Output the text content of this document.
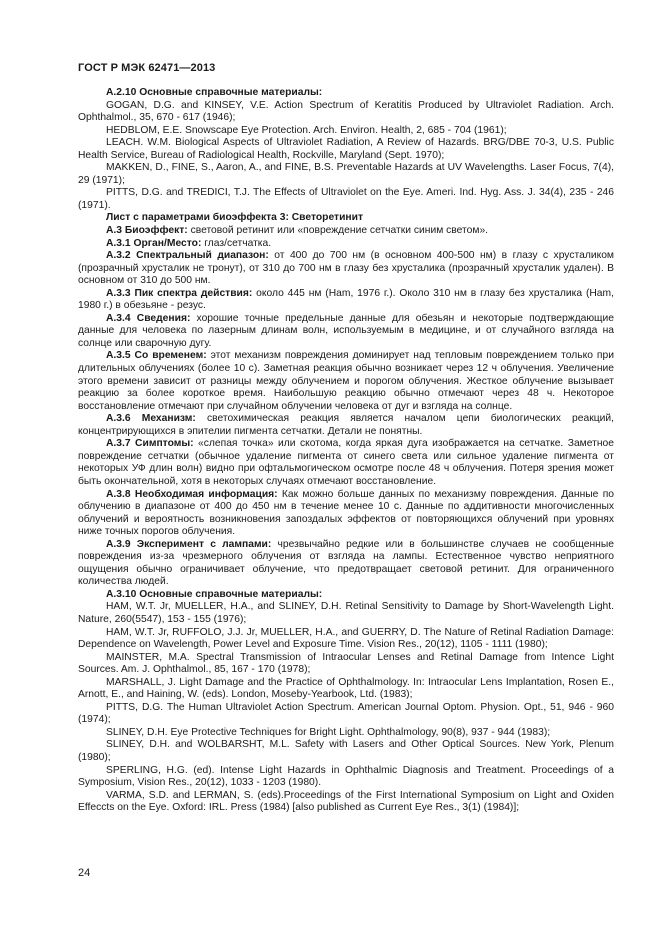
ГОСТ Р МЭК 62471—2013

A.2.10 Основные справочные материалы:

GOGAN, D.G. and KINSEY, V.E. Action Spectrum of Keratitis Produced by Ultraviolet Radiation. Arch. Ophthalmol., 35, 670 - 617 (1946);

HEDBLOM, E.E. Snowscape Eye Protection. Arch. Environ. Health, 2, 685 - 704 (1961);

LEACH. W.M. Biological Aspects of Ultraviolet Radiation, A Review of Hazards. BRG/DBE 70-3, U.S. Public Health Service, Bureau of Radiological Health, Rockville, Maryland (Sept. 1970);

MAKKEN, D., FINE, S., Aaron, A., and FINE, B.S. Preventable Hazards at UV Wavelengths. Laser Focus, 7(4), 29 (1971);

PITTS, D.G. and TREDICI, T.J. The Effects of Ultraviolet on the Eye. Ameri. Ind. Hyg. Ass. J. 34(4), 235 - 246 (1971).

Лист с параметрами биоэффекта 3: Светоретинит

А.3 Биоэффект: световой ретинит или «повреждение сетчатки синим светом».

А.3.1 Орган/Место: глаз/сетчатка.

А.3.2 Спектральный диапазон: от 400 до 700 нм (в основном 400-500 нм) в глазу с хрусталиком (прозрачный хрусталик не тронут), от 310 до 700 нм в глазу без хрусталика (прозрачный хрусталик удален). В основном от 310 до 500 нм.

А.3.3 Пик спектра действия: около 445 нм (Ham, 1976 г.). Около 310 нм в глазу без хрусталика (Ham, 1980 г.) в обезьяне - резус.

А.3.4 Сведения: хорошие точные предельные данные для обезьян и некоторые подтверждающие данные для человека по лазерным длинам волн, используемым в медицине, и от случайного взгляда на солнце или сварочную дугу.

А.3.5 Со временем: этот механизм повреждения доминирует над тепловым повреждением только при длительных облучениях (более 10 с). Заметная реакция обычно возникает через 12 ч облучения. Увеличение этого времени зависит от разницы между облучением и порогом облучения. Жесткое облучение вызывает реакцию за более короткое время. Наибольшую реакцию обычно отмечают через 48 ч. Некоторое восстановление отмечают при случайном облучении человека от дуг и взгляда на солнце.

А.3.6 Механизм: светохимическая реакция является началом цепи биологических реакций, концентрирующихся в эпителии пигмента сетчатки. Детали не понятны.

А.3.7 Симптомы: «слепая точка» или скотома, когда яркая дуга изображается на сетчатке. Заметное повреждение сетчатки (обычное удаление пигмента от синего света или сильное удаление пигмента от некоторых УФ длин волн) видно при офтальмогическом осмотре после 48 ч облучения. Потеря зрения может быть окончательной, хотя в некоторых случаях отмечают восстановление.

А.3.8 Необходимая информация: Как можно больше данных по механизму повреждения. Данные по облучению в диапазоне от 400 до 450 нм в течение менее 10 с. Данные по аддитивности многочисленных облучений и вероятность возникновения запоздалых эффектов от повторяющихся облучений при уровнях ниже точных порогов облучения.

А.3.9 Эксперимент с лампами: чрезвычайно редкие или в большинстве случаев не сообщенные повреждения из-за чрезмерного облучения от взгляда на лампы. Естественное чувство неприятного ощущения обычно ограничивает облучение, что предотвращает световой ретинит. Для ограниченного количества людей.

А.3.10 Основные справочные материалы:

HAM, W.T. Jr, MUELLER, H.A., and SLINEY, D.H. Retinal Sensitivity to Damage by Short-Wavelength Light. Nature, 260(5547), 153 - 155 (1976);

HAM, W.T. Jr, RUFFOLO, J.J. Jr, MUELLER, H.A., and GUERRY, D. The Nature of Retinal Radiation Damage: Dependence on Wavelength, Power Level and Exposure Time. Vision Res., 20(12), 1105 - 1111 (1980);

MAINSTER, M.A. Spectral Transmission of Intraocular Lenses and Retinal Damage from Intence Light Sources. Am. J. Ophthalmol., 85, 167 - 170 (1978);

MARSHALL, J. Light Damage and the Practice of Ophthalmology. In: Intraocular Lens Implantation, Rosen E., Arnott, E., and Haining, W. (eds). London, Moseby-Yearbook, Ltd. (1983);

PITTS, D.G. The Human Ultraviolet Action Spectrum. American Journal Optom. Physion. Opt., 51, 946 - 960 (1974);

SLINEY, D.H. Eye Protective Techniques for Bright Light. Ophthalmology, 90(8), 937 - 944 (1983);

SLINEY, D.H. and WOLBARSHT, M.L. Safety with Lasers and Other Optical Sources. New York, Plenum (1980);

SPERLING, H.G. (ed). Intense Light Hazards in Ophthalmic Diagnosis and Treatment. Proceedings of a Symposium, Vision Res., 20(12), 1033 - 1203 (1980).

VARMA, S.D. and LERMAN, S. (eds).Proceedings of the First International Symposium on Light and Oxiden Effeccts on the Eye. Oxford: IRL. Press (1984) [also published as Current Eye Res., 3(1) (1984)];

24
